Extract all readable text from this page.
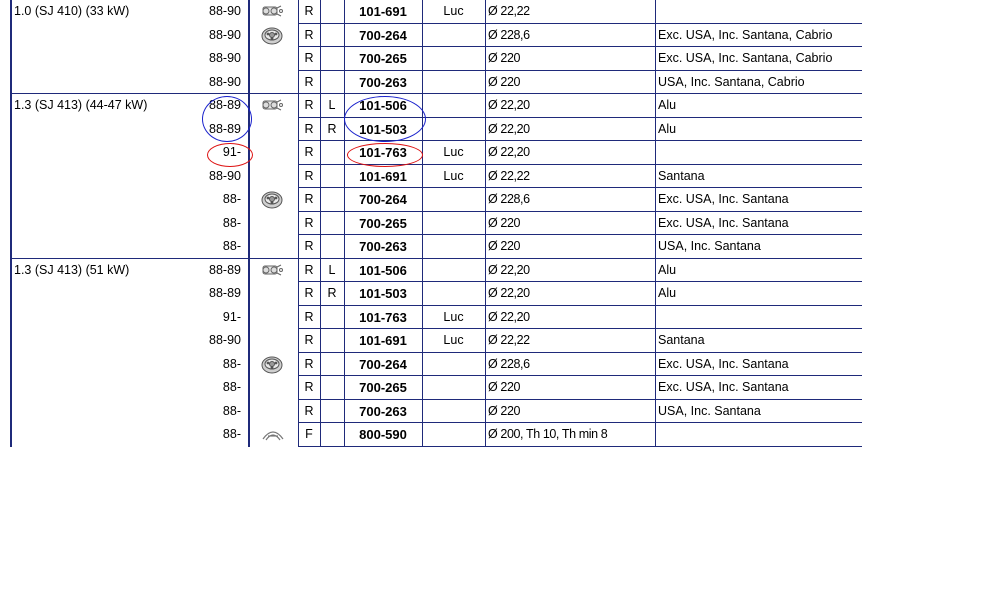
1.0 (SJ 410) (33 kW)	88-90	R	101-691	Luc	Ø 22,22
88-90	R	700-264	Ø 228,6	Exc. USA, Inc. Santana, Cabrio
88-90	R	700-265	Ø 220	Exc. USA, Inc. Santana, Cabrio
88-90	R	700-263	Ø 220	USA, Inc. Santana, Cabrio
1.3 (SJ 413) (44-47 kW)	88-89	R	L	101-506	Ø 22,20	Alu
88-89	R	R	101-503	Ø 22,20	Alu
91-	R	101-763	Luc	Ø 22,20
88-90	R	101-691	Luc	Ø 22,22	Santana
88-	R	700-264	Ø 228,6	Exc. USA, Inc. Santana
88-	R	700-265	Ø 220	Exc. USA, Inc. Santana
88-	R	700-263	Ø 220	USA, Inc. Santana
1.3 (SJ 413) (51 kW)	88-89	R	L	101-506	Ø 22,20	Alu
88-89	R	R	101-503	Ø 22,20	Alu
91-	R	101-763	Luc	Ø 22,20
88-90	R	101-691	Luc	Ø 22,22	Santana
88-	R	700-264	Ø 228,6	Exc. USA, Inc. Santana
88-	R	700-265	Ø 220	Exc. USA, Inc. Santana
88-	R	700-263	Ø 220	USA, Inc. Santana
88-	F	800-590	Ø 200, Th 10, Th min 8
